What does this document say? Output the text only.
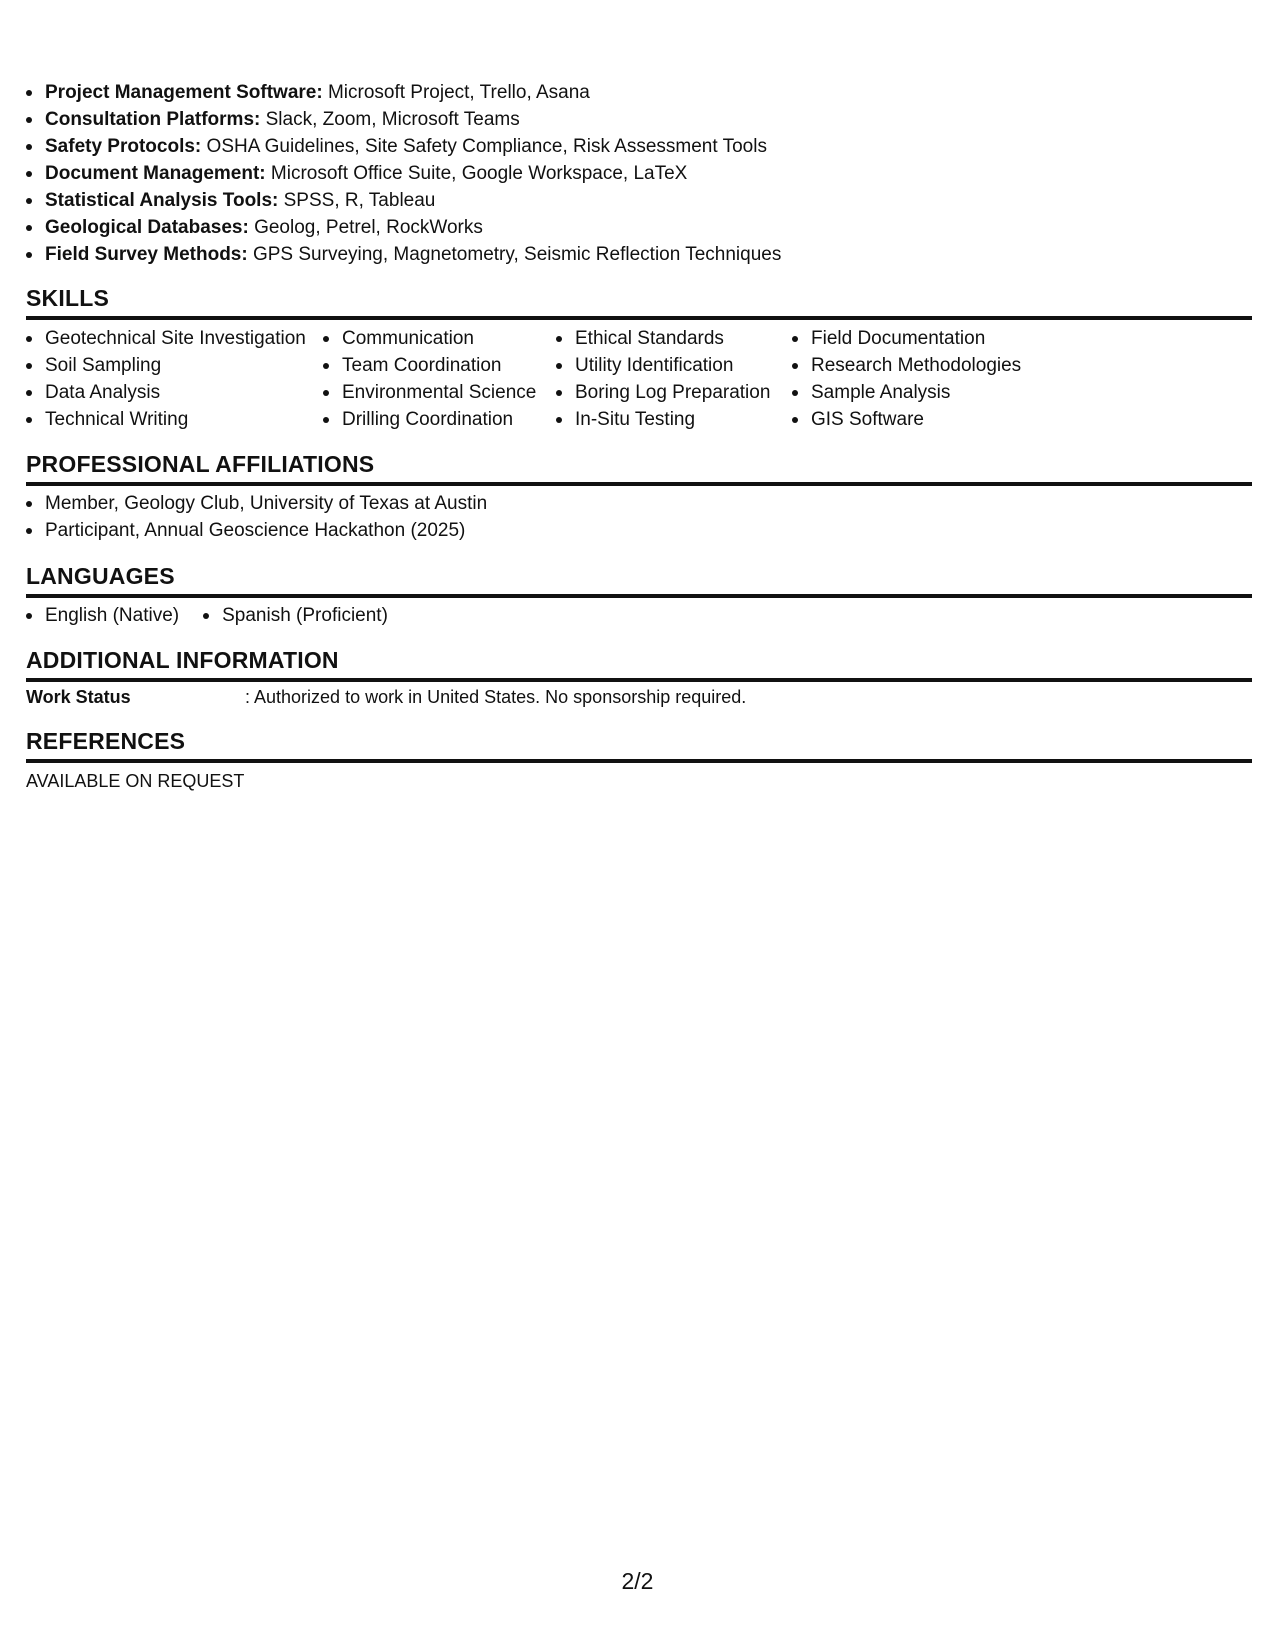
Project Management Software: Microsoft Project, Trello, Asana
Consultation Platforms: Slack, Zoom, Microsoft Teams
Safety Protocols: OSHA Guidelines, Site Safety Compliance, Risk Assessment Tools
Document Management: Microsoft Office Suite, Google Workspace, LaTeX
Statistical Analysis Tools: SPSS, R, Tableau
Geological Databases: Geolog, Petrel, RockWorks
Field Survey Methods: GPS Surveying, Magnetometry, Seismic Reflection Techniques
SKILLS
Geotechnical Site Investigation
Soil Sampling
Data Analysis
Technical Writing
Communication
Team Coordination
Environmental Science
Drilling Coordination
Ethical Standards
Utility Identification
Boring Log Preparation
In-Situ Testing
Field Documentation
Research Methodologies
Sample Analysis
GIS Software
PROFESSIONAL AFFILIATIONS
Member, Geology Club, University of Texas at Austin
Participant, Annual Geoscience Hackathon (2025)
LANGUAGES
English (Native)	Spanish (Proficient)
ADDITIONAL INFORMATION
Work Status	: Authorized to work in United States. No sponsorship required.
REFERENCES
AVAILABLE ON REQUEST
2/2
